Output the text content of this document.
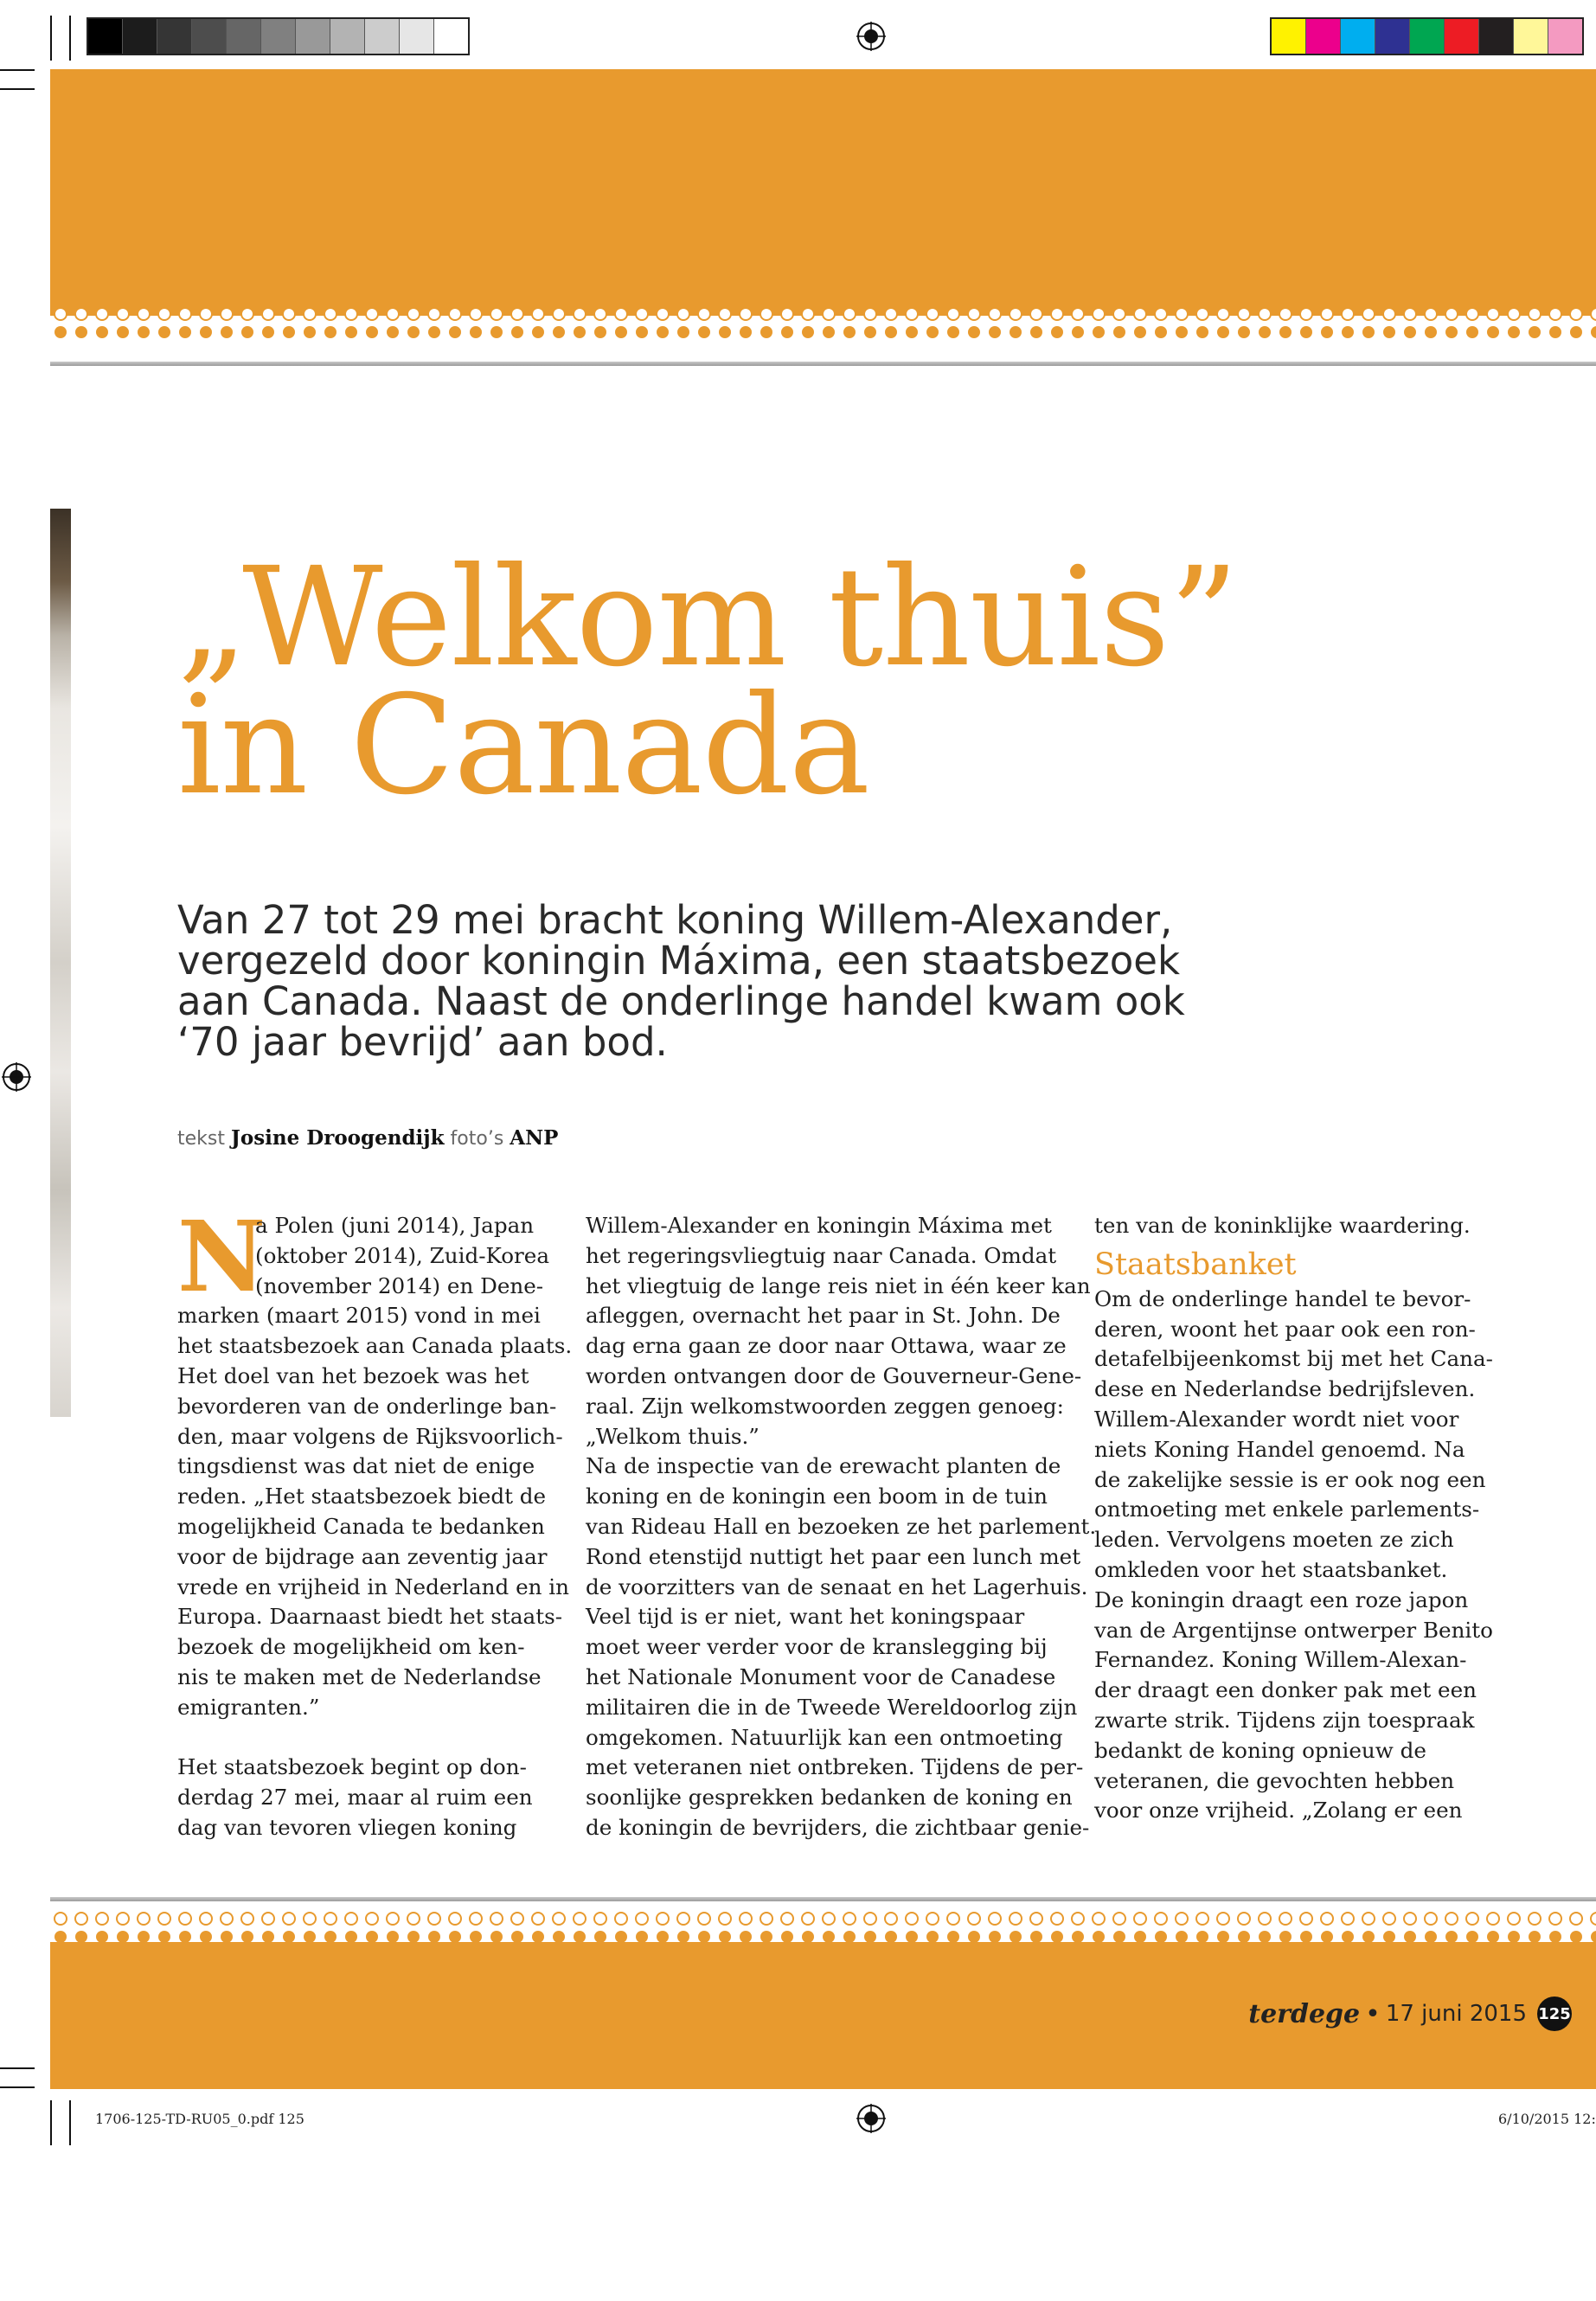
„Welkom thuis”
in Canada
Van 27 tot 29 mei bracht koning Willem-Alexander,
vergezeld door koningin Máxima, een staatsbezoek
aan Canada. Naast de onderlinge handel kwam ook
‘70 jaar bevrijd’ aan bod.
tekst Josine Droogendijk foto’s ANP
N
a Polen (juni 2014), Japan
(oktober 2014), Zuid-Korea
(november 2014) en Dene-
marken (maart 2015) vond in mei
het staatsbezoek aan Canada plaats.
Het doel van het bezoek was het
bevorderen van de onderlinge ban-
den, maar volgens de Rijksvoorlich-
tingsdienst was dat niet de enige
reden. „Het staatsbezoek biedt de
mogelijkheid Canada te bedanken
voor de bijdrage aan zeventig jaar
vrede en vrijheid in Nederland en in
Europa. Daarnaast biedt het staats-
bezoek de mogelijkheid om ken-
nis te maken met de Nederlandse
emigranten.”
Het staatsbezoek begint op don-
derdag 27 mei, maar al ruim een
dag van tevoren vliegen koning
Willem-Alexander en koningin Máxima met
het regeringsvliegtuig naar Canada. Omdat
het vliegtuig de lange reis niet in één keer kan
afleggen, overnacht het paar in St. John. De
dag erna gaan ze door naar Ottawa, waar ze
worden ontvangen door de Gouverneur-Gene-
raal. Zijn welkomstwoorden zeggen genoeg:
„Welkom thuis.”
Na de inspectie van de erewacht planten de
koning en de koningin een boom in de tuin
van Rideau Hall en bezoeken ze het parlement.
Rond etenstijd nuttigt het paar een lunch met
de voorzitters van de senaat en het Lagerhuis.
Veel tijd is er niet, want het koningspaar
moet weer verder voor de kranslegging bij
het Nationale Monument voor de Canadese
militairen die in de Tweede Wereldoorlog zijn
omgekomen. Natuurlijk kan een ontmoeting
met veteranen niet ontbreken. Tijdens de per-
soonlijke gesprekken bedanken de koning en
de koningin de bevrijders, die zichtbaar genie-
ten van de koninklijke waardering.
Staatsbanket
Om de onderlinge handel te bevor-
deren, woont het paar ook een ron-
detafelbijeenkomst bij met het Cana-
dese en Nederlandse bedrijfsleven.
Willem-Alexander wordt niet voor
niets Koning Handel genoemd. Na
de zakelijke sessie is er ook nog een
ontmoeting met enkele parlements-
leden. Vervolgens moeten ze zich
omkleden voor het staatsbanket.
De koningin draagt een roze japon
van de Argentijnse ontwerper Benito
Fernandez. Koning Willem-Alexan-
der draagt een donker pak met een
zwarte strik. Tijdens zijn toespraak
bedankt de koning opnieuw de
veteranen, die gevochten hebben
voor onze vrijheid. „Zolang er een
terdege • 17 juni 2015 125
1706-125-TD-RU05_0.pdf 125	6/10/2015 12:
